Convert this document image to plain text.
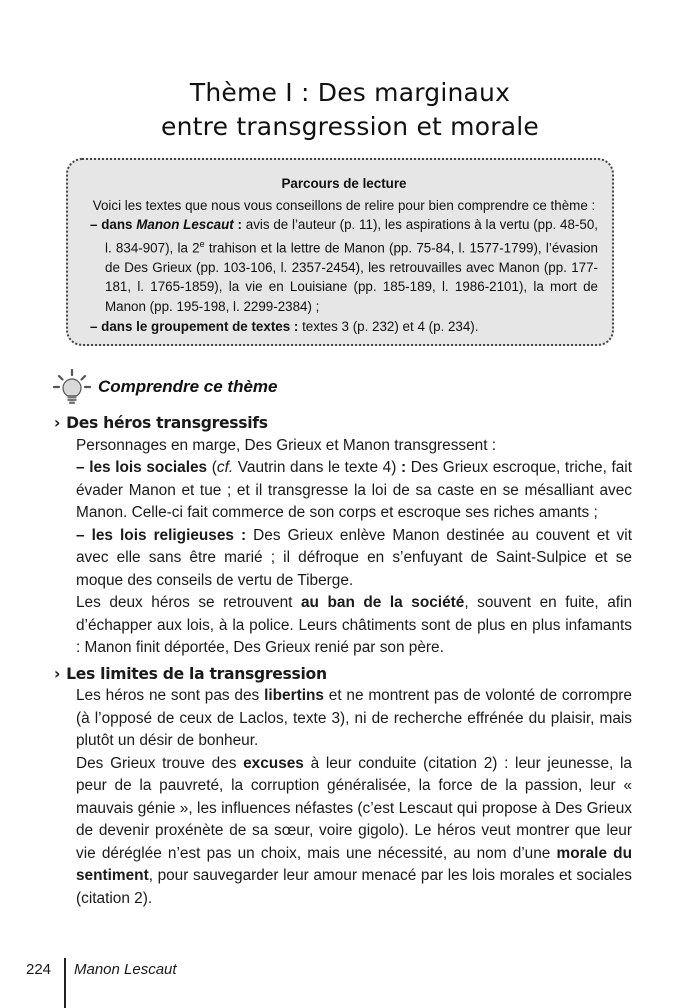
Thème I : Des marginaux
entre transgression et morale
Parcours de lecture
Voici les textes que nous vous conseillons de relire pour bien comprendre ce thème :
– dans Manon Lescaut : avis de l’auteur (p. 11), les aspirations à la vertu (pp. 48-50, l. 834-907), la 2e trahison et la lettre de Manon (pp. 75-84, l. 1577-1799), l’évasion de Des Grieux (pp. 103-106, l. 2357-2454), les retrouvailles avec Manon (pp. 177-181, l. 1765-1859), la vie en Louisiane (pp. 185-189, l. 1986-2101), la mort de Manon (pp. 195-198, l. 2299-2384) ;
– dans le groupement de textes : textes 3 (p. 232) et 4 (p. 234).
Comprendre ce thème
› Des héros transgressifs
Personnages en marge, Des Grieux et Manon transgressent :
– les lois sociales (cf. Vautrin dans le texte 4) : Des Grieux escroque, triche, fait évader Manon et tue ; et il transgresse la loi de sa caste en se mésalliant avec Manon. Celle-ci fait commerce de son corps et escroque ses riches amants ;
– les lois religieuses : Des Grieux enlève Manon destinée au couvent et vit avec elle sans être marié ; il défroque en s’enfuyant de Saint-Sulpice et se moque des conseils de vertu de Tiberge.
Les deux héros se retrouvent au ban de la société, souvent en fuite, afin d’échapper aux lois, à la police. Leurs châtiments sont de plus en plus infamants : Manon finit déportée, Des Grieux renié par son père.
› Les limites de la transgression
Les héros ne sont pas des libertins et ne montrent pas de volonté de corrompre (à l’opposé de ceux de Laclos, texte 3), ni de recherche effrénée du plaisir, mais plutôt un désir de bonheur.
Des Grieux trouve des excuses à leur conduite (citation 2) : leur jeunesse, la peur de la pauvreté, la corruption généralisée, la force de la passion, leur « mauvais génie », les influences néfastes (c’est Lescaut qui propose à Des Grieux de devenir proxénète de sa sœur, voire gigolo). Le héros veut montrer que leur vie déréglée n’est pas un choix, mais une nécessité, au nom d’une morale du sentiment, pour sauvegarder leur amour menacé par les lois morales et sociales (citation 2).
224 Manon Lescaut
